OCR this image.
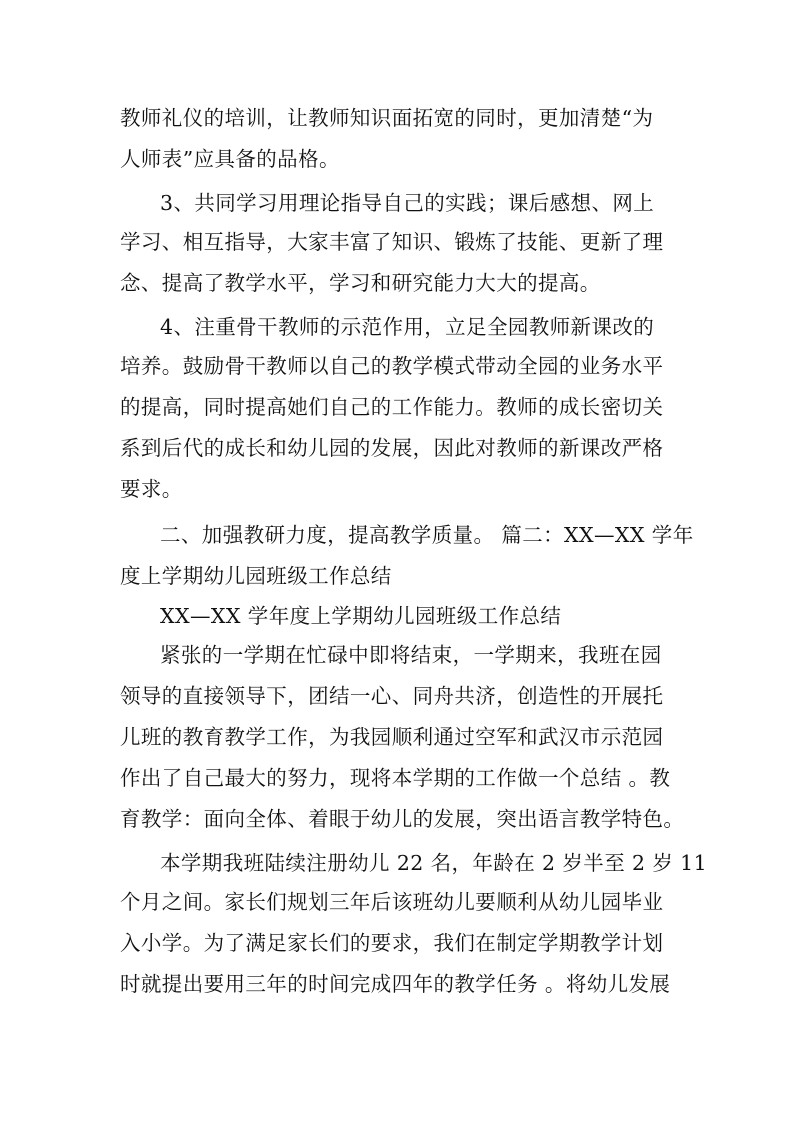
教师礼仪的培训，让教师知识面拓宽的同时，更加清楚“为

人师表”应具备的品格。

3、共同学习用理论指导自己的实践；课后感想、网上

学习、相互指导，大家丰富了知识、锻炼了技能、更新了理

念、提高了教学水平，学习和研究能力大大的提高。

4、注重骨干教师的示范作用，立足全园教师新课改的

培养。鼓励骨干教师以自己的教学模式带动全园的业务水平

的提高，同时提高她们自己的工作能力。教师的成长密切关

系到后代的成长和幼儿园的发展，因此对教师的新课改严格

要求。

二、加强教研力度，提高教学质量。 篇二：XX—XX 学年

度上学期幼儿园班级工作总结

XX—XX 学年度上学期幼儿园班级工作总结

紧张的一学期在忙碌中即将结束，一学期来，我班在园

领导的直接领导下，团结一心、同舟共济，创造性的开展托

儿班的教育教学工作，为我园顺利通过空军和武汉市示范园

作出了自己最大的努力，现将本学期的工作做一个总结 。教

育教学：面向全体、着眼于幼儿的发展，突出语言教学特色。

本学期我班陆续注册幼儿 22 名，年龄在 2 岁半至 2 岁 11

个月之间。家长们规划三年后该班幼儿要顺利从幼儿园毕业

入小学。为了满足家长们的要求，我们在制定学期教学计划

时就提出要用三年的时间完成四年的教学任务 。将幼儿发展
